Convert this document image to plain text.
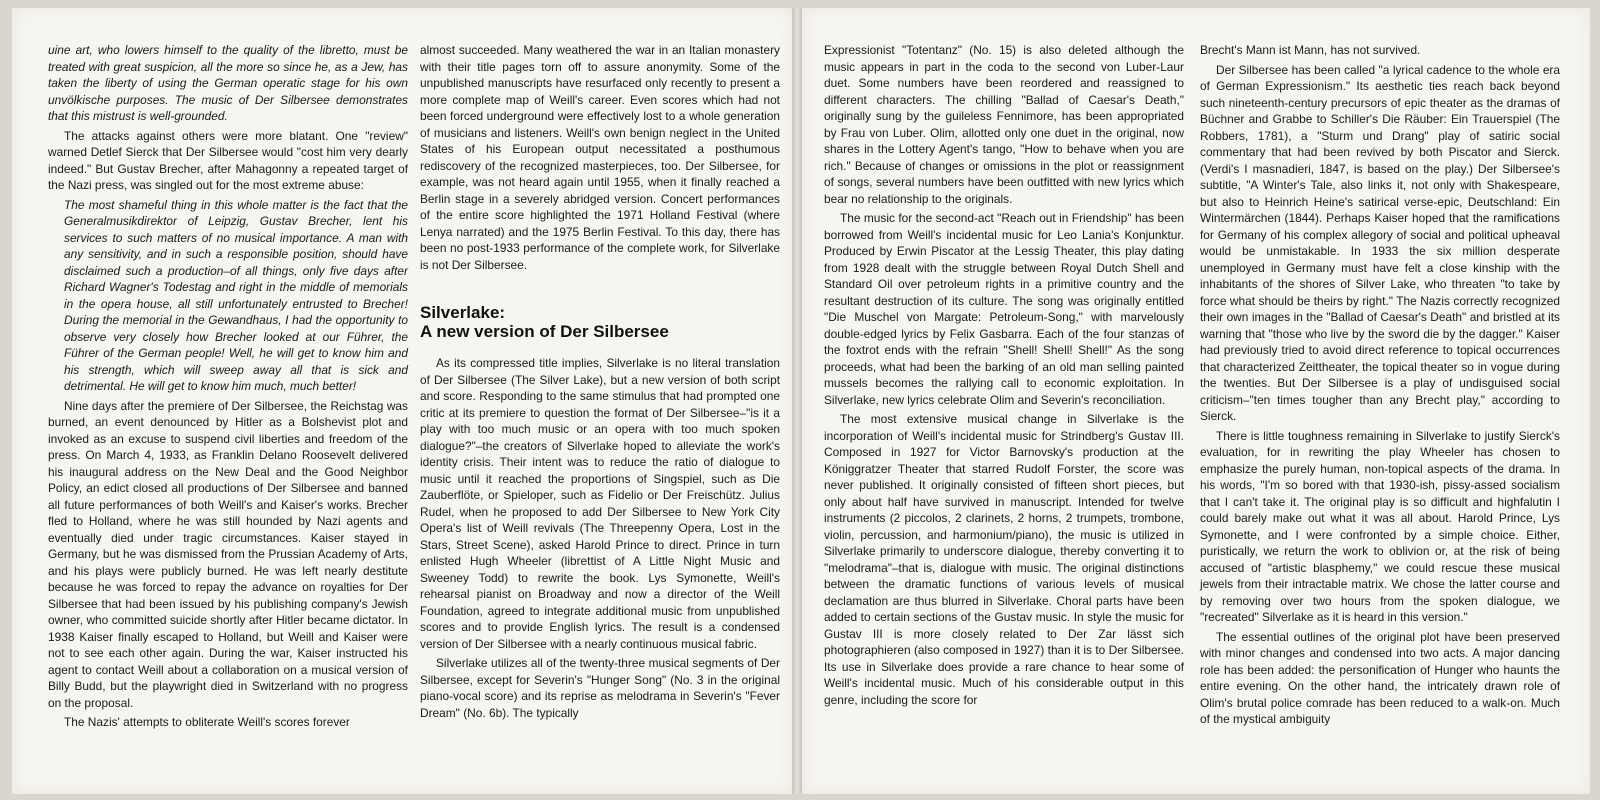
uine art, who lowers himself to the quality of the libretto, must be treated with great suspicion, all the more so since he, as a Jew, has taken the liberty of using the German operatic stage for his own unvölkische purposes. The music of Der Silbersee demonstrates that this mistrust is well-grounded.

The attacks against others were more blatant. One "review" warned Detlef Sierck that Der Silbersee would "cost him very dearly indeed." But Gustav Brecher, after Mahagonny a repeated target of the Nazi press, was singled out for the most extreme abuse:

The most shameful thing in this whole matter is the fact that the Generalmusikdirektor of Leipzig, Gustav Brecher, lent his services to such matters of no musical importance. A man with any sensitivity, and in such a responsible position, should have disclaimed such a production–of all things, only five days after Richard Wagner's Todestag and right in the middle of memorials in the opera house, all still unfortunately entrusted to Brecher! During the memorial in the Gewandhaus, I had the opportunity to observe very closely how Brecher looked at our Führer, the Führer of the German people! Well, he will get to know him and his strength, which will sweep away all that is sick and detrimental. He will get to know him much, much better!

Nine days after the premiere of Der Silbersee, the Reichstag was burned, an event denounced by Hitler as a Bolshevist plot and invoked as an excuse to suspend civil liberties and freedom of the press. On March 4, 1933, as Franklin Delano Roosevelt delivered his inaugural address on the New Deal and the Good Neighbor Policy, an edict closed all productions of Der Silbersee and banned all future performances of both Weill's and Kaiser's works. Brecher fled to Holland, where he was still hounded by Nazi agents and eventually died under tragic circumstances. Kaiser stayed in Germany, but he was dismissed from the Prussian Academy of Arts, and his plays were publicly burned. He was left nearly destitute because he was forced to repay the advance on royalties for Der Silbersee that had been issued by his publishing company's Jewish owner, who committed suicide shortly after Hitler became dictator. In 1938 Kaiser finally escaped to Holland, but Weill and Kaiser were not to see each other again. During the war, Kaiser instructed his agent to contact Weill about a collaboration on a musical version of Billy Budd, but the playwright died in Switzerland with no progress on the proposal.

The Nazis' attempts to obliterate Weill's scores forever

almost succeeded. Many weathered the war in an Italian monastery with their title pages torn off to assure anonymity. Some of the unpublished manuscripts have resurfaced only recently to present a more complete map of Weill's career. Even scores which had not been forced underground were effectively lost to a whole generation of musicians and listeners. Weill's own benign neglect in the United States of his European output necessitated a posthumous rediscovery of the recognized masterpieces, too. Der Silbersee, for example, was not heard again until 1955, when it finally reached a Berlin stage in a severely abridged version. Concert performances of the entire score highlighted the 1971 Holland Festival (where Lenya narrated) and the 1975 Berlin Festival. To this day, there has been no post-1933 performance of the complete work, for Silverlake is not Der Silbersee.

Silverlake:
A new version of Der Silbersee

As its compressed title implies, Silverlake is no literal translation of Der Silbersee (The Silver Lake), but a new version of both script and score. Responding to the same stimulus that had prompted one critic at its premiere to question the format of Der Silbersee–"is it a play with too much music or an opera with too much spoken dialogue?"–the creators of Silverlake hoped to alleviate the work's identity crisis. Their intent was to reduce the ratio of dialogue to music until it reached the proportions of Singspiel, such as Die Zauberflöte, or Spieloper, such as Fidelio or Der Freischütz. Julius Rudel, when he proposed to add Der Silbersee to New York City Opera's list of Weill revivals (The Threepenny Opera, Lost in the Stars, Street Scene), asked Harold Prince to direct. Prince in turn enlisted Hugh Wheeler (librettist of A Little Night Music and Sweeney Todd) to rewrite the book. Lys Symonette, Weill's rehearsal pianist on Broadway and now a director of the Weill Foundation, agreed to integrate additional music from unpublished scores and to provide English lyrics. The result is a condensed version of Der Silbersee with a nearly continuous musical fabric.

Silverlake utilizes all of the twenty-three musical segments of Der Silbersee, except for Severin's "Hunger Song" (No. 3 in the original piano-vocal score) and its reprise as melodrama in Severin's "Fever Dream" (No. 6b). The typically

Expressionist "Totentanz" (No. 15) is also deleted although the music appears in part in the coda to the second von Luber-Laur duet. Some numbers have been reordered and reassigned to different characters. The chilling "Ballad of Caesar's Death," originally sung by the guileless Fennimore, has been appropriated by Frau von Luber. Olim, allotted only one duet in the original, now shares in the Lottery Agent's tango, "How to behave when you are rich." Because of changes or omissions in the plot or reassignment of songs, several numbers have been outfitted with new lyrics which bear no relationship to the originals.

The music for the second-act "Reach out in Friendship" has been borrowed from Weill's incidental music for Leo Lania's Konjunktur. Produced by Erwin Piscator at the Lessig Theater, this play dating from 1928 dealt with the struggle between Royal Dutch Shell and Standard Oil over petroleum rights in a primitive country and the resultant destruction of its culture. The song was originally entitled "Die Muschel von Margate: Petroleum-Song," with marvelously double-edged lyrics by Felix Gasbarra. Each of the four stanzas of the foxtrot ends with the refrain "Shell! Shell! Shell!" As the song proceeds, what had been the barking of an old man selling painted mussels becomes the rallying call to economic exploitation. In Silverlake, new lyrics celebrate Olim and Severin's reconciliation.

The most extensive musical change in Silverlake is the incorporation of Weill's incidental music for Strindberg's Gustav III. Composed in 1927 for Victor Barnovsky's production at the Königgratzer Theater that starred Rudolf Forster, the score was never published. It originally consisted of fifteen short pieces, but only about half have survived in manuscript. Intended for twelve instruments (2 piccolos, 2 clarinets, 2 horns, 2 trumpets, trombone, violin, percussion, and harmonium/piano), the music is utilized in Silverlake primarily to underscore dialogue, thereby converting it to "melodrama"–that is, dialogue with music. The original distinctions between the dramatic functions of various levels of musical declamation are thus blurred in Silverlake. Choral parts have been added to certain sections of the Gustav music. In style the music for Gustav III is more closely related to Der Zar lässt sich photographieren (also composed in 1927) than it is to Der Silbersee. Its use in Silverlake does provide a rare chance to hear some of Weill's incidental music. Much of his considerable output in this genre, including the score for

Brecht's Mann ist Mann, has not survived.

Der Silbersee has been called "a lyrical cadence to the whole era of German Expressionism." Its aesthetic ties reach back beyond such nineteenth-century precursors of epic theater as the dramas of Büchner and Grabbe to Schiller's Die Räuber: Ein Trauerspiel (The Robbers, 1781), a "Sturm und Drang" play of satiric social commentary that had been revived by both Piscator and Sierck. (Verdi's I masnadieri, 1847, is based on the play.) Der Silbersee's subtitle, "A Winter's Tale, also links it, not only with Shakespeare, but also to Heinrich Heine's satirical verse-epic, Deutschland: Ein Wintermärchen (1844). Perhaps Kaiser hoped that the ramifications for Germany of his complex allegory of social and political upheaval would be unmistakable. In 1933 the six million desperate unemployed in Germany must have felt a close kinship with the inhabitants of the shores of Silver Lake, who threaten "to take by force what should be theirs by right." The Nazis correctly recognized their own images in the "Ballad of Caesar's Death" and bristled at its warning that "those who live by the sword die by the dagger." Kaiser had previously tried to avoid direct reference to topical occurrences that characterized Zeittheater, the topical theater so in vogue during the twenties. But Der Silbersee is a play of undisguised social criticism–"ten times tougher than any Brecht play," according to Sierck.

There is little toughness remaining in Silverlake to justify Sierck's evaluation, for in rewriting the play Wheeler has chosen to emphasize the purely human, non-topical aspects of the drama. In his words, "I'm so bored with that 1930-ish, pissy-assed socialism that I can't take it. The original play is so difficult and highfalutin I could barely make out what it was all about. Harold Prince, Lys Symonette, and I were confronted by a simple choice. Either, puristically, we return the work to oblivion or, at the risk of being accused of "artistic blasphemy," we could rescue these musical jewels from their intractable matrix. We chose the latter course and by removing over two hours from the spoken dialogue, we "recreated" Silverlake as it is heard in this version."

The essential outlines of the original plot have been preserved with minor changes and condensed into two acts. A major dancing role has been added: the personification of Hunger who haunts the entire evening. On the other hand, the intricately drawn role of Olim's brutal police comrade has been reduced to a walk-on. Much of the mystical ambiguity
